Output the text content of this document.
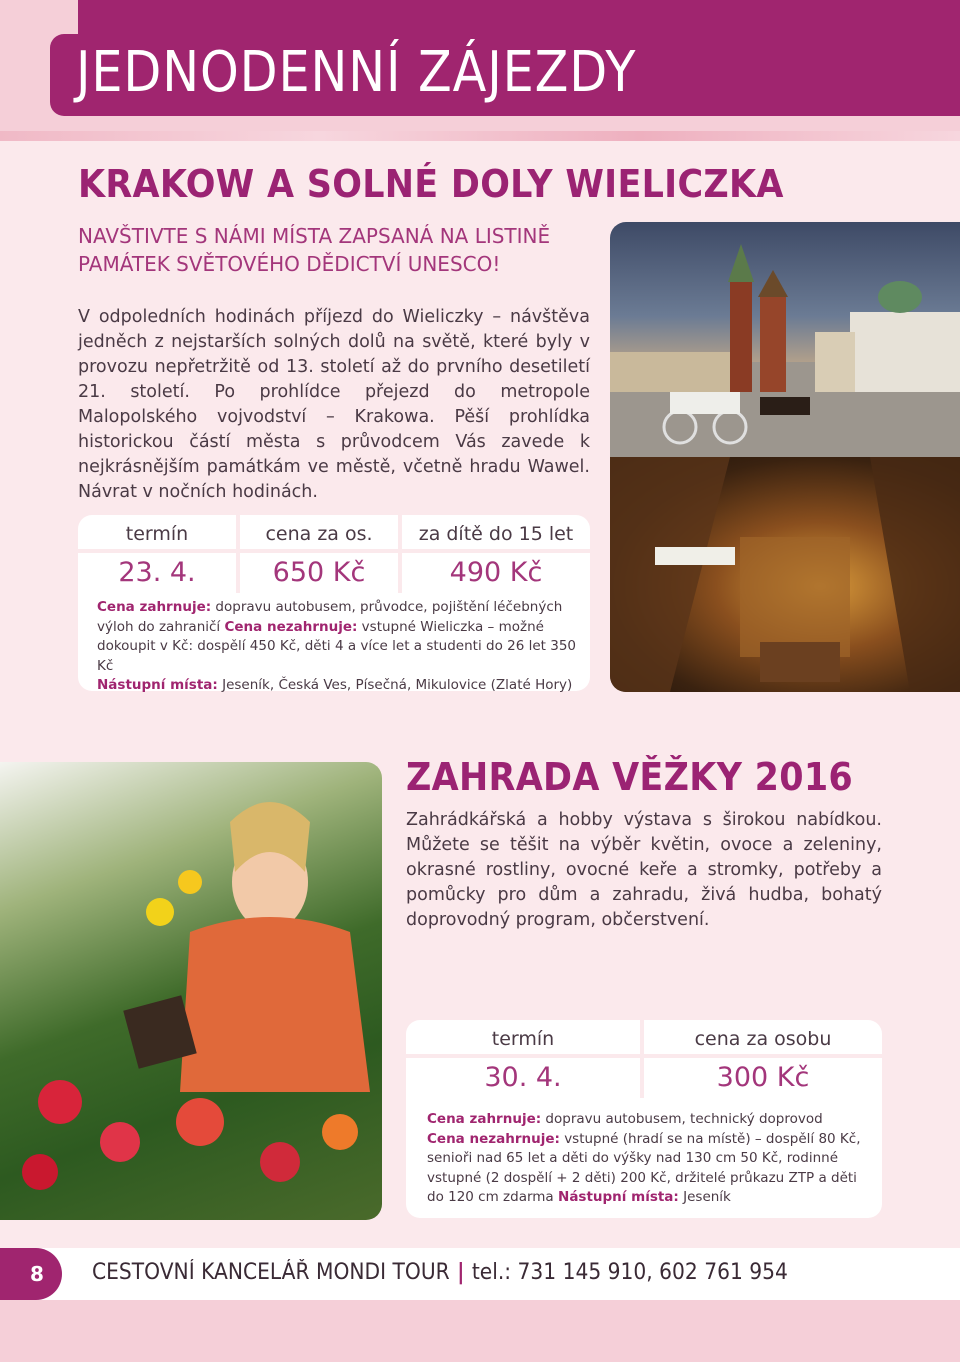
JEDNODENNÍ ZÁJEZDY
KRAKOW A SOLNÉ DOLY WIELICZKA

NAVŠTIVTE S NÁMI MÍSTA ZAPSANÁ NA LISTINĚ PAMÁTEK SVĚTOVÉHO DĚDICTVÍ UNESCO!

V odpoledních hodinách příjezd do Wieliczky – návštěva jedněch z nejstarších solných dolů na světě, které byly v provozu nepřetržitě od 13. století až do prvního desetiletí 21. století. Po prohlídce přejezd do metropole Malopolského vojvodství – Krakowa. Pěší prohlídka historickou částí města s průvodcem Vás zavede k nejkrásnějším památkám ve městě, včetně hradu Wawel. Návrat v nočních hodinách.

termín
23. 4.
cena za os.
650 Kč
za dítě do 15 let
490 Kč
Cena zahrnuje: dopravu autobusem, průvodce, pojištění léčebných výloh do zahraničí Cena nezahrnuje: vstupné Wieliczka – možné dokoupit v Kč: dospělí 450 Kč, děti 4 a více let a studenti do 26 let 350 Kč
Nástupní místa: Jeseník, Česká Ves, Písečná, Mikulovice (Zlaté Hory)
ZAHRADA VĚŽKY 2016

Zahrádkářská a hobby výstava s širokou nabídkou. Můžete se těšit na výběr květin, ovoce a zeleniny, okrasné rostliny, ovocné keře a stromky, potřeby a pomůcky pro dům a zahradu, živá hudba, bohatý doprovodný program, občerstvení.

termín
30. 4.
cena za osobu
300 Kč
Cena zahrnuje: dopravu autobusem, technický doprovod
Cena nezahrnuje: vstupné (hradí se na místě) – dospělí 80 Kč, senioři nad 65 let a děti do výšky nad 130 cm 50 Kč, rodinné vstupné (2 dospělí + 2 děti) 200 Kč, držitelé průkazu ZTP a děti do 120 cm zdarma Nástupní místa: Jeseník
8 CESTOVNÍ KANCELÁŘ MONDI TOUR | tel.: 731 145 910, 602 761 954
